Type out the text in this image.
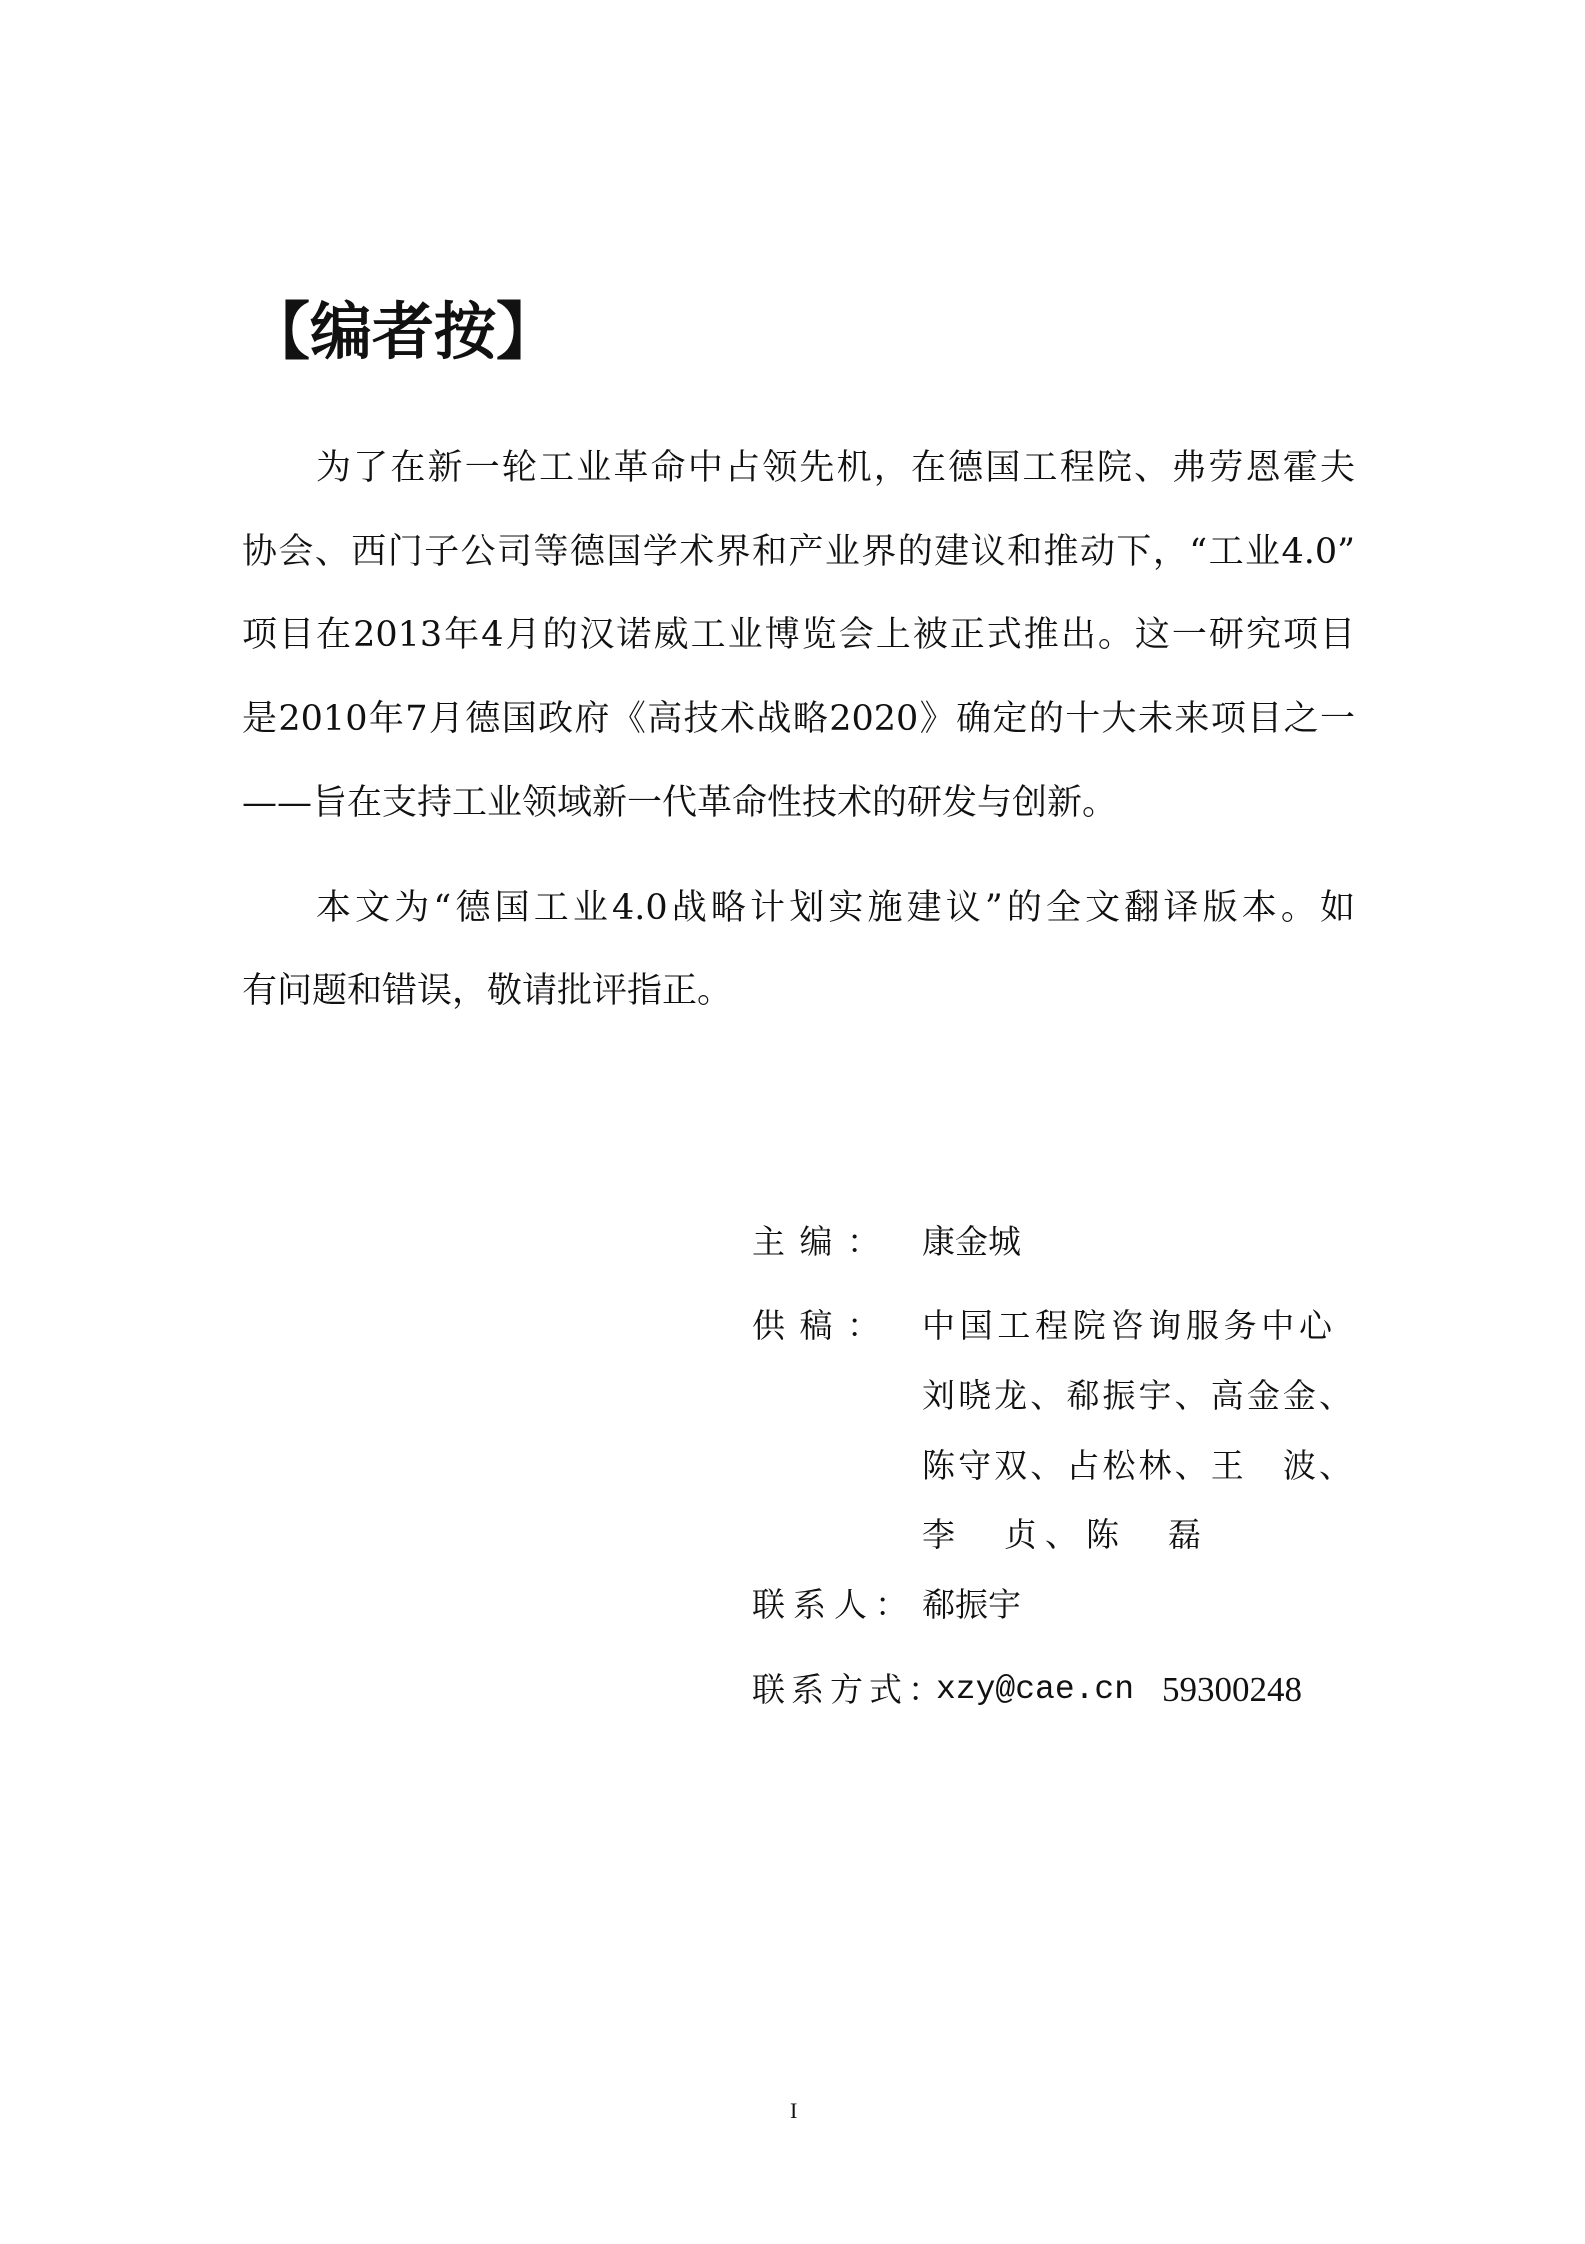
【编者按】
为了在新一轮工业革命中占领先机，在德国工程院、弗劳恩霍夫
协会、西门子公司等德国学术界和产业界的建议和推动下，“工业4.0”
项目在2013年4月的汉诺威工业博览会上被正式推出。这一研究项目
是2010年7月德国政府《高技术战略2020》确定的十大未来项目之一
——旨在支持工业领域新一代革命性技术的研发与创新。
本文为“德国工业4.0战略计划实施建议”的全文翻译版本。如
有问题和错误，敬请批评指正。
主编： 康金城
供稿： 中国工程院咨询服务中心
刘晓龙、郗振宇、高金金、
陈守双、占松林、王　波、
李　贞、陈　磊
联系人： 郗振宇
联系方式：
xzy@cae.cn 59300248
I
